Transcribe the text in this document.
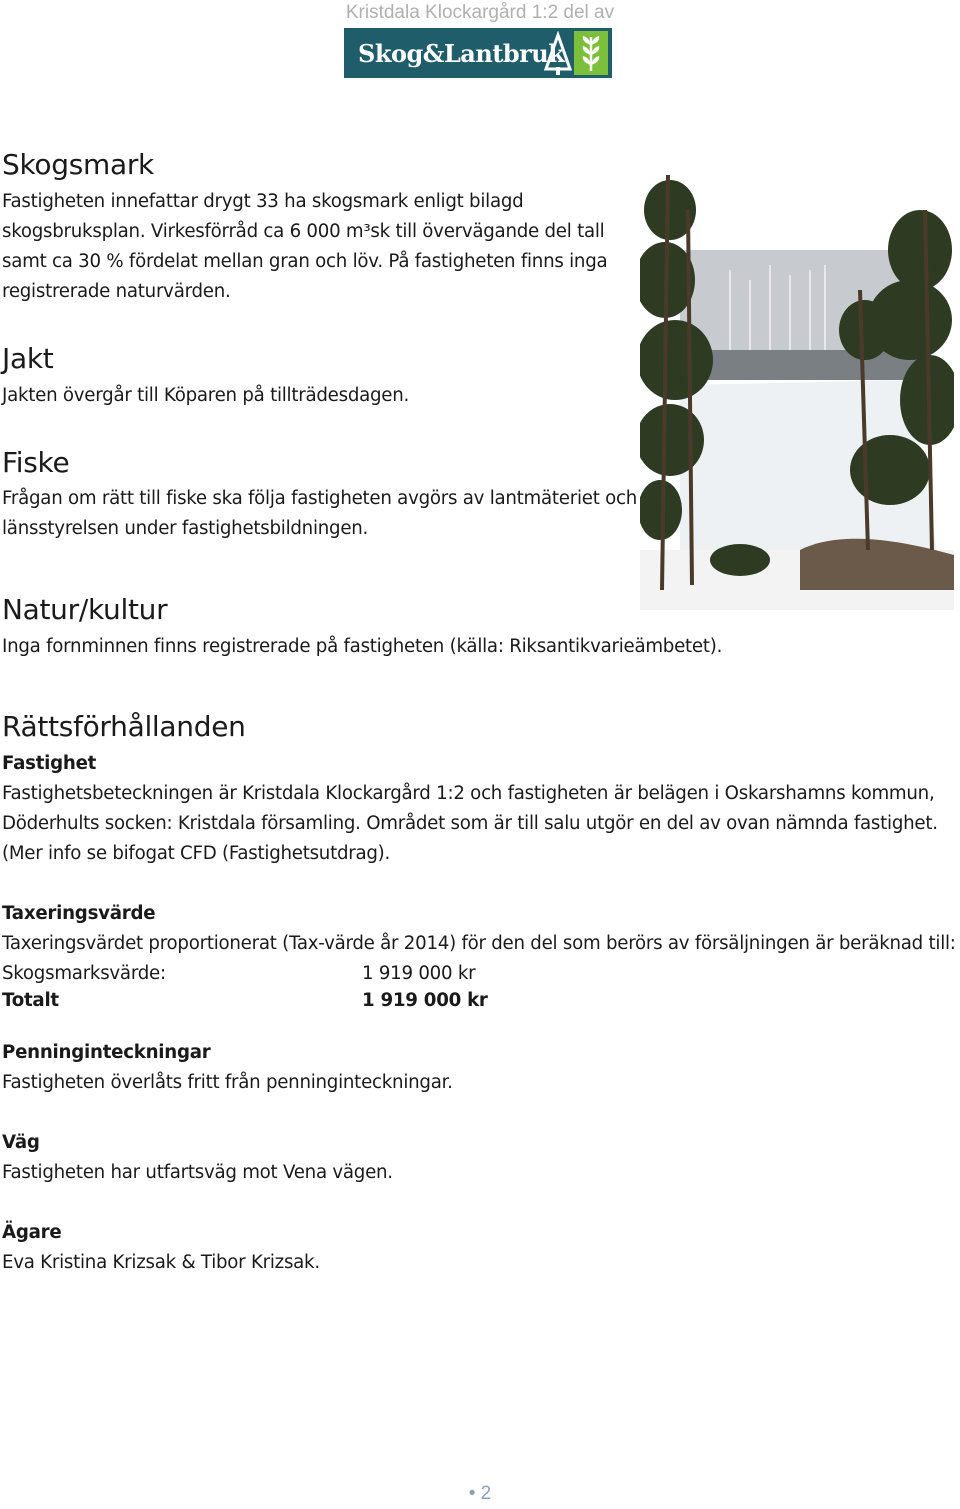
Kristdala Klockargård 1:2 del av
Skog&Lantbruk
Skogsmark
Fastigheten innefattar drygt 33 ha skogsmark enligt bilagd
skogsbruksplan. Virkesförråd ca 6 000 m³sk till övervägande del tall
samt ca 30 % fördelat mellan gran och löv. På fastigheten finns inga
registrerade naturvärden.
Jakt
Jakten övergår till Köparen på tillträdesdagen.
Fiske
Frågan om rätt till fiske ska följa fastigheten avgörs av lantmäteriet och
länsstyrelsen under fastighetsbildningen.
Natur/kultur
Inga fornminnen finns registrerade på fastigheten (källa: Riksantikvarieämbetet).
Rättsförhållanden
Fastighet
Fastighetsbeteckningen är Kristdala Klockargård 1:2 och fastigheten är belägen i Oskarshamns kommun,
Döderhults socken: Kristdala församling. Området som är till salu utgör en del av ovan nämnda fastighet.
(Mer info se bifogat CFD (Fastighetsutdrag).
Taxeringsvärde
Taxeringsvärdet proportionerat (Tax-värde år 2014) för den del som berörs av försäljningen är beräknad till:
Skogsmarksvärde:	1 919 000 kr
Totalt	1 919 000 kr
Penninginteckningar
Fastigheten överlåts fritt från penninginteckningar.
Väg
Fastigheten har utfartsväg mot Vena vägen.
Ägare
Eva Kristina Krizsak & Tibor Krizsak.
• 2
